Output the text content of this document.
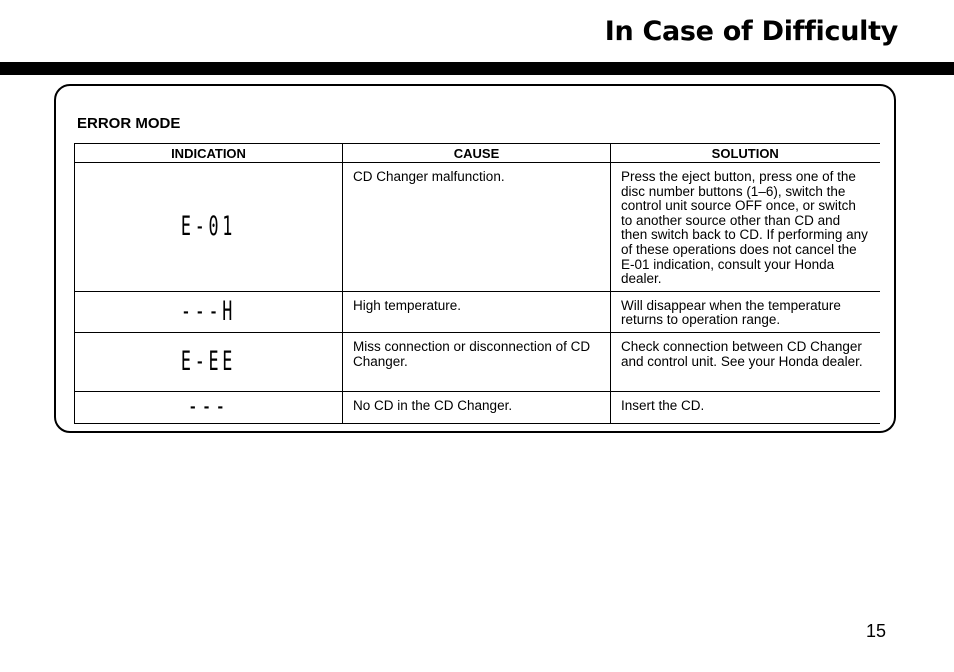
In Case of Difficulty
ERROR MODE
INDICATION	CAUSE	SOLUTION
E-01	CD Changer malfunction.	Press the eject button, press one of the disc number buttons (1–6), switch the control unit source OFF once, or switch to another source other than CD and then switch back to CD. If performing any of these operations does not cancel the E-01 indication, consult your Honda dealer.
---H	High temperature.	Will disappear when the temperature returns to operation range.
E-EE	Miss connection or disconnection of CD Changer.	Check connection between CD Changer and control unit. See your Honda dealer.
---	No CD in the CD Changer.	Insert the CD.
15
